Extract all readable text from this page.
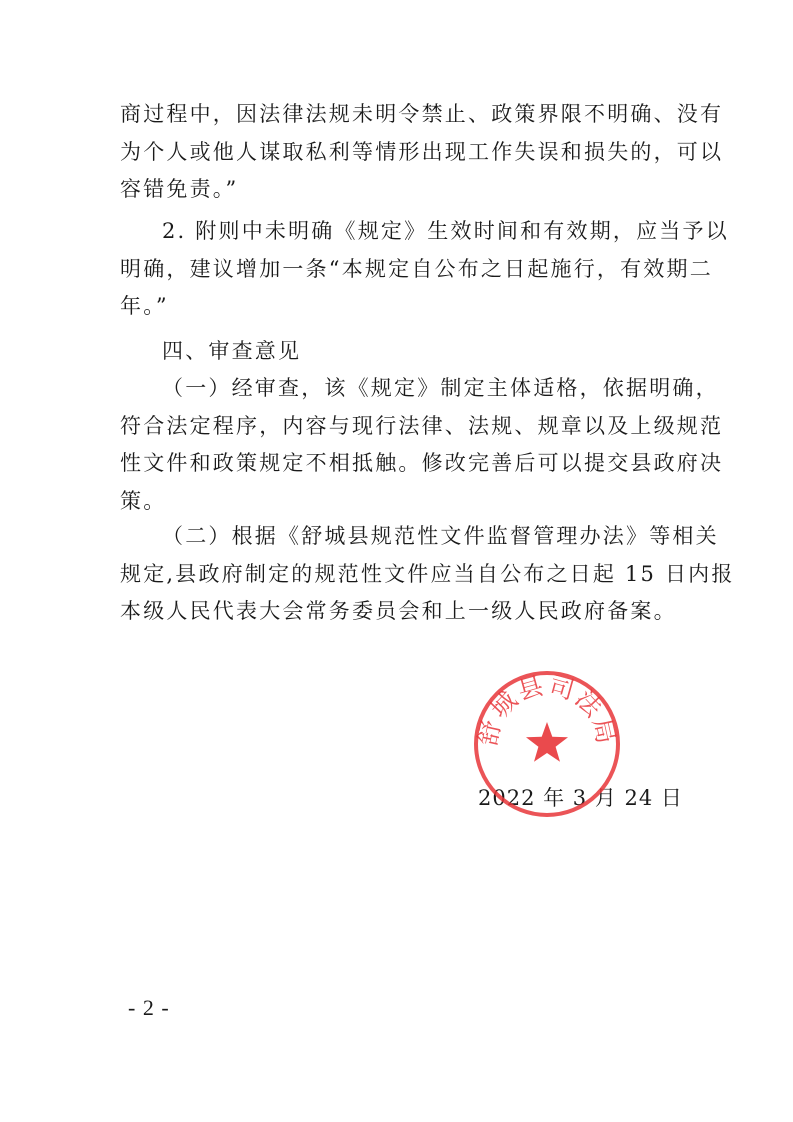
商过程中，因法律法规未明令禁止、政策界限不明确、没有
为个人或他人谋取私利等情形出现工作失误和损失的，可以
容错免责。”
2. 附则中未明确《规定》生效时间和有效期，应当予以
明确，建议增加一条“本规定自公布之日起施行，有效期二
年。”
四、审查意见
（一）经审查，该《规定》制定主体适格，依据明确，
符合法定程序，内容与现行法律、法规、规章以及上级规范
性文件和政策规定不相抵触。修改完善后可以提交县政府决
策。
（二）根据《舒城县规范性文件监督管理办法》等相关
规定,县政府制定的规范性文件应当自公布之日起 15 日内报
本级人民代表大会常务委员会和上一级人民政府备案。
2022 年 3 月 24 日
舒城县司法局
- 2 -
